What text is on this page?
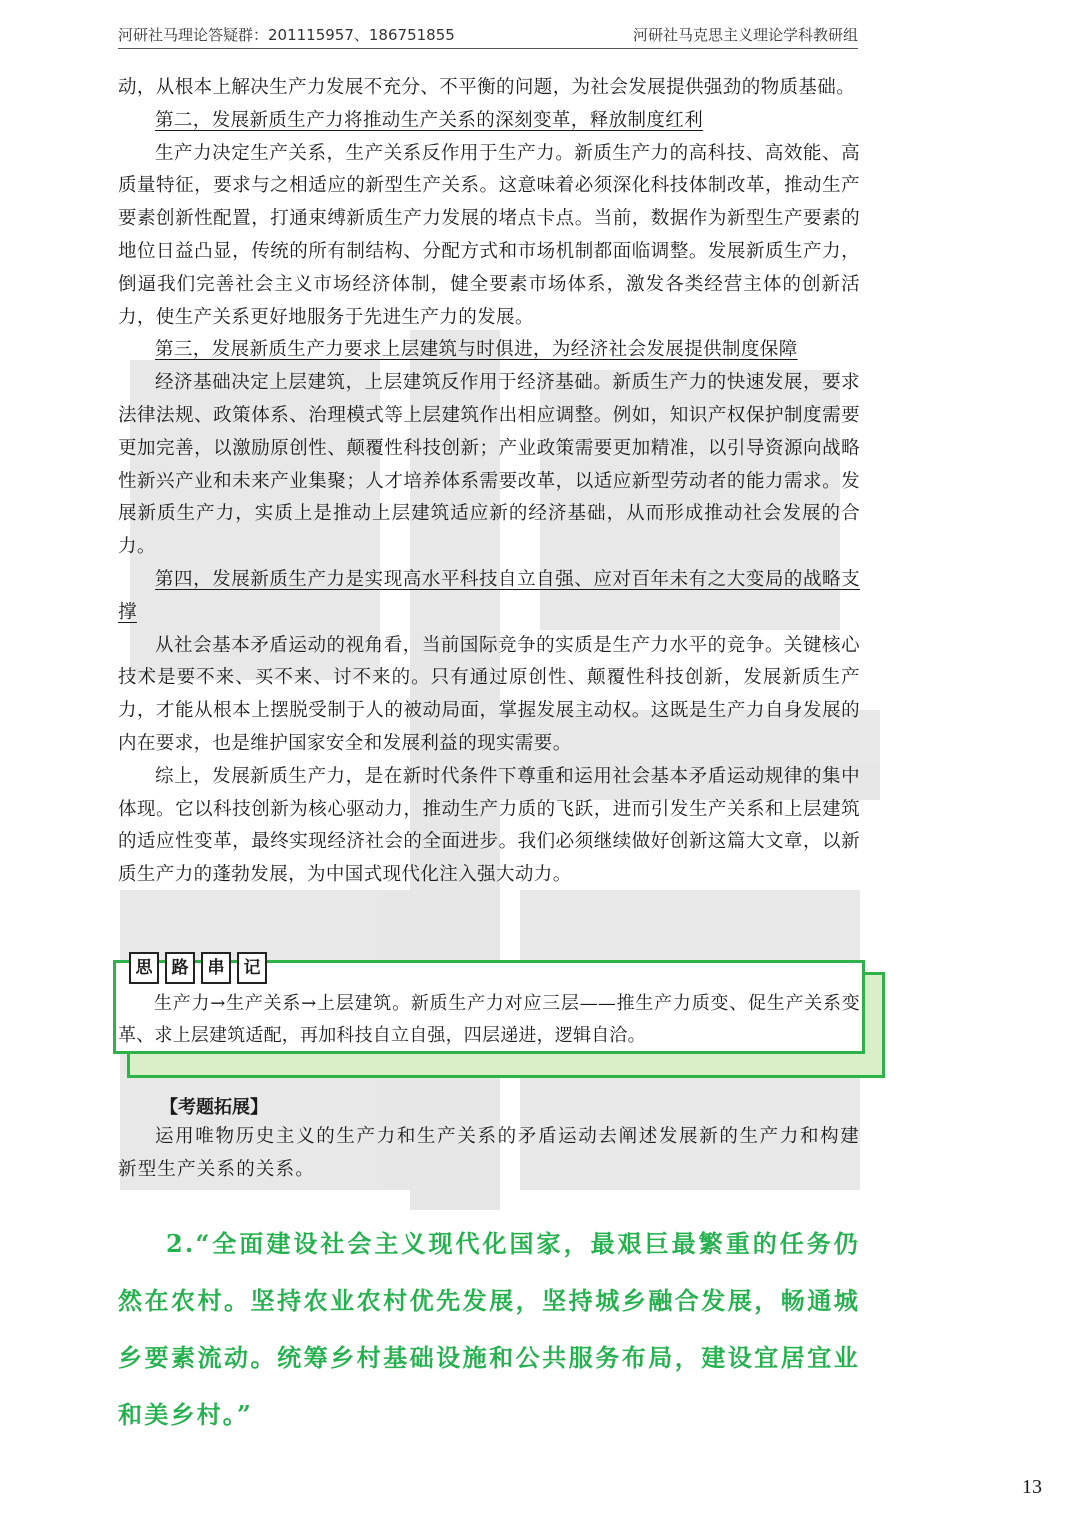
河研社马理论答疑群：201115957、186751855	河研社马克思主义理论学科教研组

动，从根本上解决生产力发展不充分、不平衡的问题，为社会发展提供强劲的物质基础。

第二，发展新质生产力将推动生产关系的深刻变革，释放制度红利

生产力决定生产关系，生产关系反作用于生产力。新质生产力的高科技、高效能、高质量特征，要求与之相适应的新型生产关系。这意味着必须深化科技体制改革，推动生产要素创新性配置，打通束缚新质生产力发展的堵点卡点。当前，数据作为新型生产要素的地位日益凸显，传统的所有制结构、分配方式和市场机制都面临调整。发展新质生产力，倒逼我们完善社会主义市场经济体制，健全要素市场体系，激发各类经营主体的创新活力，使生产关系更好地服务于先进生产力的发展。

第三，发展新质生产力要求上层建筑与时俱进，为经济社会发展提供制度保障

经济基础决定上层建筑，上层建筑反作用于经济基础。新质生产力的快速发展，要求法律法规、政策体系、治理模式等上层建筑作出相应调整。例如，知识产权保护制度需要更加完善，以激励原创性、颠覆性科技创新；产业政策需要更加精准，以引导资源向战略性新兴产业和未来产业集聚；人才培养体系需要改革，以适应新型劳动者的能力需求。发展新质生产力，实质上是推动上层建筑适应新的经济基础，从而形成推动社会发展的合力。

第四，发展新质生产力是实现高水平科技自立自强、应对百年未有之大变局的战略支撑

从社会基本矛盾运动的视角看，当前国际竞争的实质是生产力水平的竞争。关键核心技术是要不来、买不来、讨不来的。只有通过原创性、颠覆性科技创新，发展新质生产力，才能从根本上摆脱受制于人的被动局面，掌握发展主动权。这既是生产力自身发展的内在要求，也是维护国家安全和发展利益的现实需要。

综上，发展新质生产力，是在新时代条件下尊重和运用社会基本矛盾运动规律的集中体现。它以科技创新为核心驱动力，推动生产力质的飞跃，进而引发生产关系和上层建筑的适应性变革，最终实现经济社会的全面进步。我们必须继续做好创新这篇大文章，以新质生产力的蓬勃发展，为中国式现代化注入强大动力。

思	路	串	记

生产力→生产关系→上层建筑。新质生产力对应三层——推生产力质变、促生产关系变革、求上层建筑适配，再加科技自立自强，四层递进，逻辑自洽。

【考题拓展】

运用唯物历史主义的生产力和生产关系的矛盾运动去阐述发展新的生产力和构建新型生产关系的关系。

2.“全面建设社会主义现代化国家，最艰巨最繁重的任务仍然在农村。坚持农业农村优先发展，坚持城乡融合发展，畅通城乡要素流动。统筹乡村基础设施和公共服务布局，建设宜居宜业和美乡村。”

13
